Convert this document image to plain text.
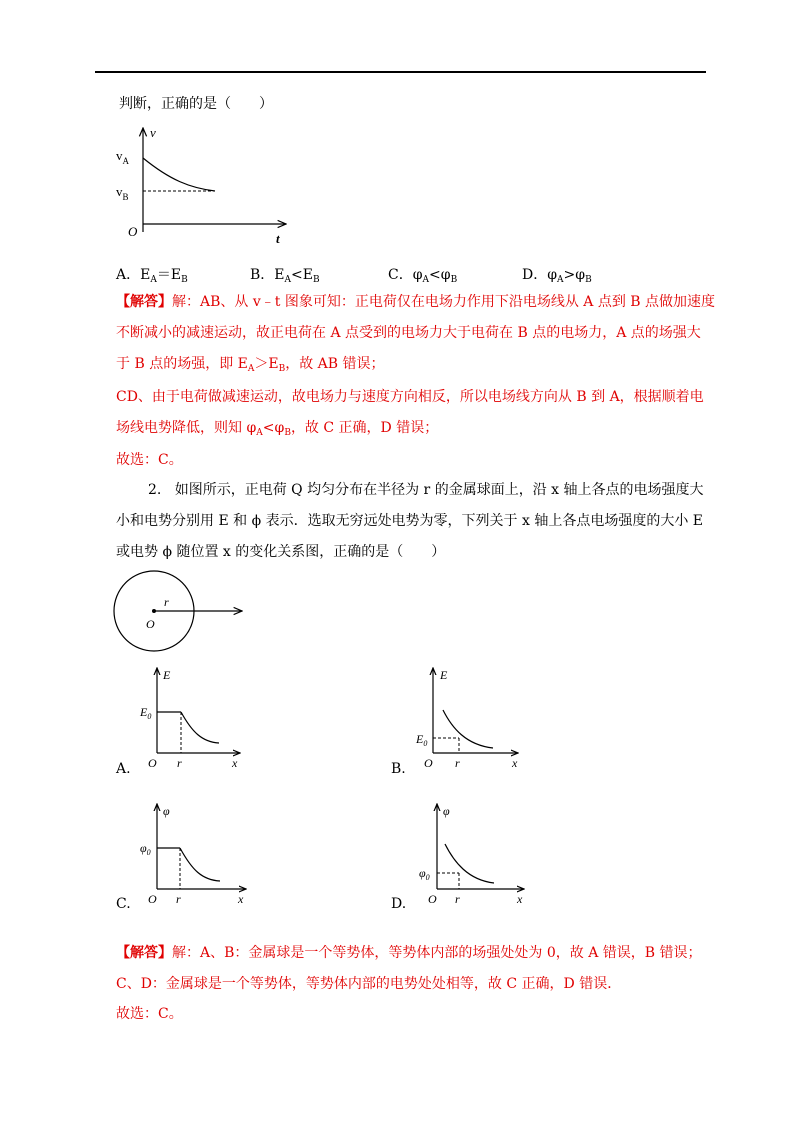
判断，正确的是（　　）
v
$v_A$
$v_B$
O	t
A．$E_A=E_B$	B．$E_A<E_B$	C．$\varphi_A<\varphi_B$	D．$\varphi_A>\varphi_B$
【解答】解：AB、从 v﹣t 图象可知：正电荷仅在电场力作用下沿电场线从 A 点到 B 点做加速度
不断减小的减速运动，故正电荷在 A 点受到的电场力大于电荷在 B 点的电场力，A 点的场强大
于 B 点的场强，即 $E_A>E_B$，故 AB 错误；
CD、由于电荷做减速运动，故电场力与速度方向相反，所以电场线方向从 B 到 A，根据顺着电
场线电势降低，则知 $\varphi_A<\varphi_B$，故 C 正确，D 错误；
故选：C。
2. 如图所示，正电荷 Q 均匀分布在半径为 r 的金属球面上，沿 x 轴上各点的电场强度大
小和电势分别用 E 和 ϕ 表示．选取无穷远处电势为零，下列关于 x 轴上各点电场强度的大小 E
或电势 ϕ 随位置 x 的变化关系图，正确的是（　　）
r
O
E
$E_0$
O r	x
E
$E_0$
O r	x
φ
$\varphi_0$
O r	x
φ
$\varphi_0$
O r	x
A.	B.
C.	D.
【解答】解：A、B：金属球是一个等势体，等势体内部的场强处处为 0，故 A 错误，B 错误；
C、D：金属球是一个等势体，等势体内部的电势处处相等，故 C 正确，D 错误．
故选：C。
